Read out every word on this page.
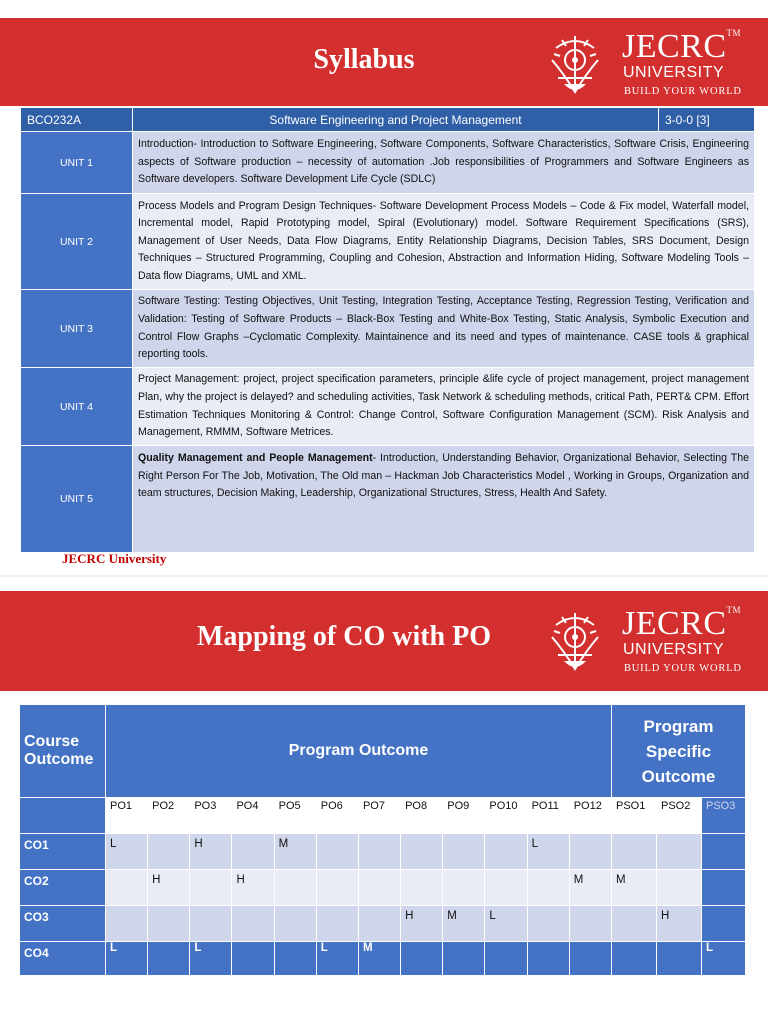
Syllabus	JECRC™
UNIVERSITY
BUILD YOUR WORLD
BCO232A	Software Engineering and Project Management	3-0-0 [3]
UNIT 1	Introduction- Introduction to Software Engineering, Software Components, Software Characteristics, Software Crisis, Engineering aspects of Software production – necessity of automation .Job responsibilities of Programmers and Software Engineers as Software developers. Software Development Life Cycle (SDLC)	
UNIT 2	Process Models and Program Design Techniques- Software Development Process Models – Code & Fix model, Waterfall model, Incremental model, Rapid Prototyping model, Spiral (Evolutionary) model. Software Requirement Specifications (SRS), Management of User Needs, Data Flow Diagrams, Entity Relationship Diagrams, Decision Tables, SRS Document, Design Techniques – Structured Programming, Coupling and Cohesion, Abstraction and Information Hiding, Software Modeling Tools –Data flow Diagrams, UML and XML.	
UNIT 3	Software Testing: Testing Objectives, Unit Testing, Integration Testing, Acceptance Testing, Regression Testing, Verification and Validation: Testing of Software Products – Black-Box Testing and White-Box Testing, Static Analysis, Symbolic Execution and Control Flow Graphs –Cyclomatic Complexity. Maintainence and its need and types of maintenance. CASE tools & graphical reporting tools.	
UNIT 4	Project Management: project, project specification parameters, principle &life cycle of project management, project management Plan, why the project is delayed? and scheduling activities, Task Network & scheduling methods, critical Path, PERT& CPM. Effort Estimation Techniques Monitoring & Control: Change Control, Software Configuration Management (SCM). Risk Analysis and Management, RMMM, Software Metrices.	
UNIT 5	Quality Management and People Management- Introduction, Understanding Behavior, Organizational Behavior, Selecting The Right Person For The Job, Motivation, The Old man – Hackman Job Characteristics Model , Working in Groups, Organization and team structures, Decision Making, Leadership, Organizational Structures, Stress, Health And Safety.	
JECRC University
Mapping of CO with PO	JECRC™
UNIVERSITY
BUILD YOUR WORLD
Course Outcome	Program Outcome												Program
Specific
Outcome		

	PO1	PO2	PO3	PO4	PO5	PO6	PO7	PO8	PO9	PO10	PO11	PO12	PSO1	PSO2	PSO3
CO1	L		H		M						L				
CO2		H		H								M	M		
CO3								H	M	L				H	
CO4	L		L			L	M								L
